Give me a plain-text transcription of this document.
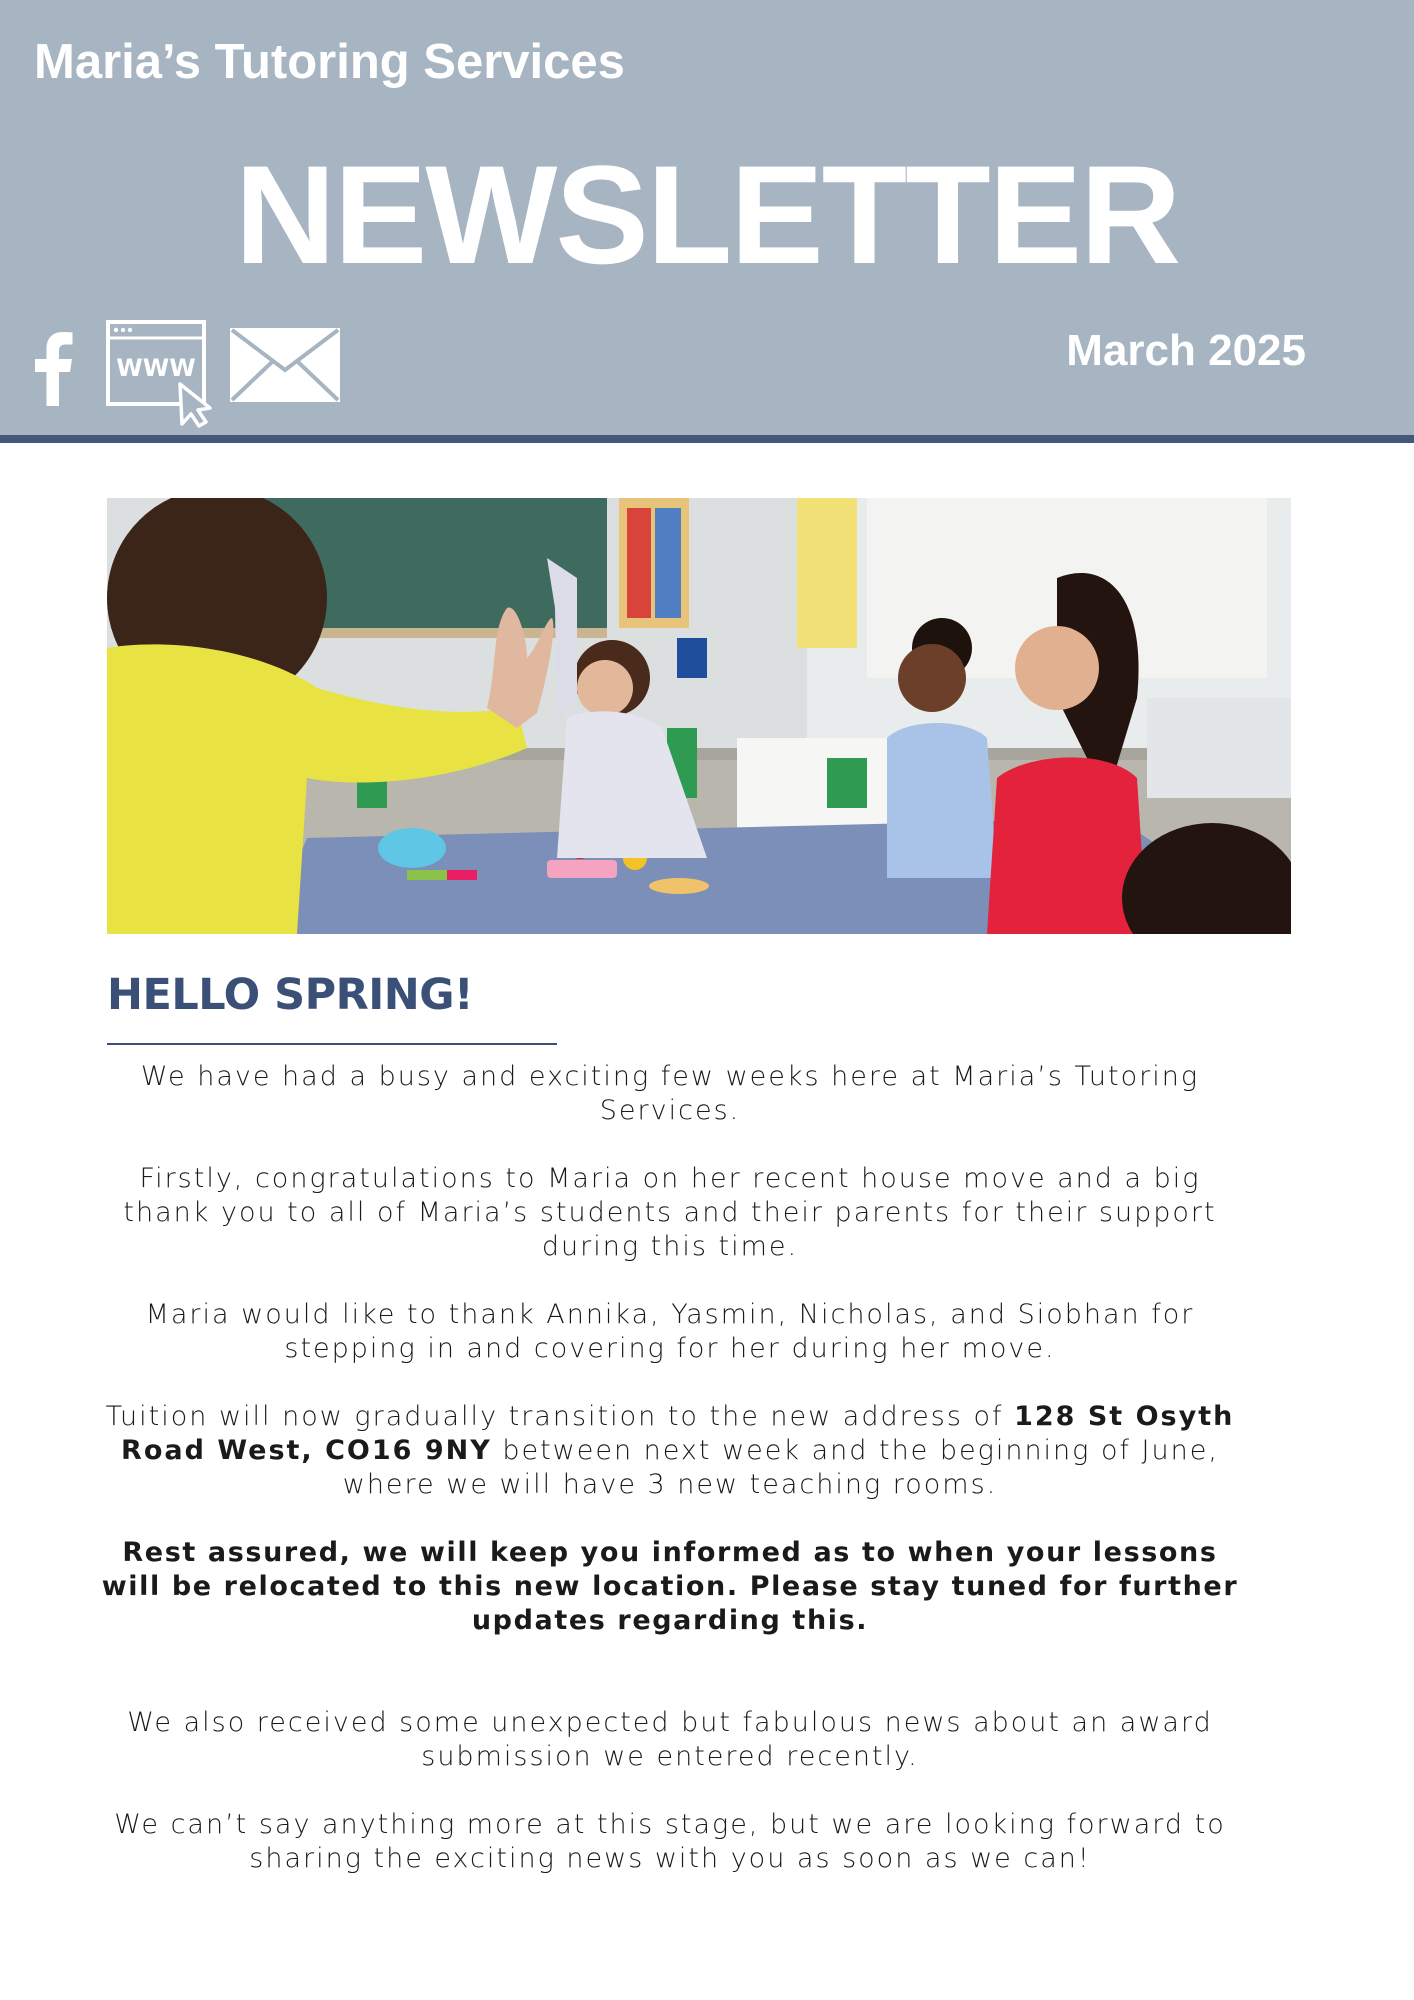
Maria’s Tutoring Services
NEWSLETTER
March 2025
WWW
HELLO SPRING!

We have had a busy and exciting few weeks here at Maria’s Tutoring Services.

Firstly, congratulations to Maria on her recent house move and a big thank you to all of Maria’s students and their parents for their support during this time.

Maria would like to thank Annika, Yasmin, Nicholas, and Siobhan for stepping in and covering for her during her move.

Tuition will now gradually transition to the new address of 128 St Osyth Road West, CO16 9NY between next week and the beginning of June, where we will have 3 new teaching rooms.

Rest assured, we will keep you informed as to when your lessons will be relocated to this new location. Please stay tuned for further updates regarding this.

We also received some unexpected but fabulous news about an award submission we entered recently.

We can’t say anything more at this stage, but we are looking forward to sharing the exciting news with you as soon as we can!
